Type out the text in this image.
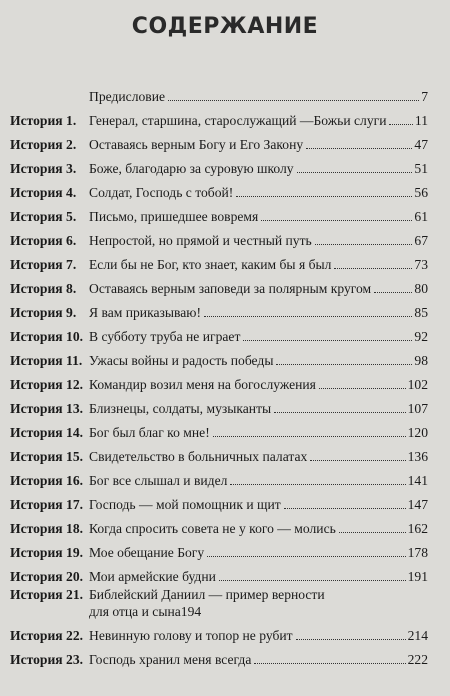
СОДЕРЖАНИЕ
Предисловие	7
История 1. Генерал, старшина, старослужащий —Божьи слуги 11
История 2. Оставаясь верным Богу и Его Закону	47
История 3. Боже, благодарю за суровую школу	51
История 4. Солдат, Господь с тобой!	56
История 5. Письмо, пришедшее вовремя	61
История 6. Непростой, но прямой и честный путь	67
История 7. Если бы не Бог, кто знает, каким бы я был	73
История 8. Оставаясь верным заповеди за полярным кругом	80
История 9. Я вам приказываю!	85
История 10. В субботу труба не играет	92
История 11. Ужасы войны и радость победы	98
История 12. Командир возил меня на богослужения	102
История 13. Близнецы, солдаты, музыканты	107
История 14. Бог был благ ко мне!	120
История 15. Свидетельство в больничных палатах	136
История 16. Бог все слышал и видел	141
История 17. Господь — мой помощник и щит	147
История 18. Когда спросить совета не у кого — молись	162
История 19. Мое обещание Богу	178
История 20. Мои армейские будни	191
История 21. Библейский Даниил — пример верности
для отца и сына 194
История 22. Невинную голову и топор не рубит	214
История 23. Господь хранил меня всегда	222
